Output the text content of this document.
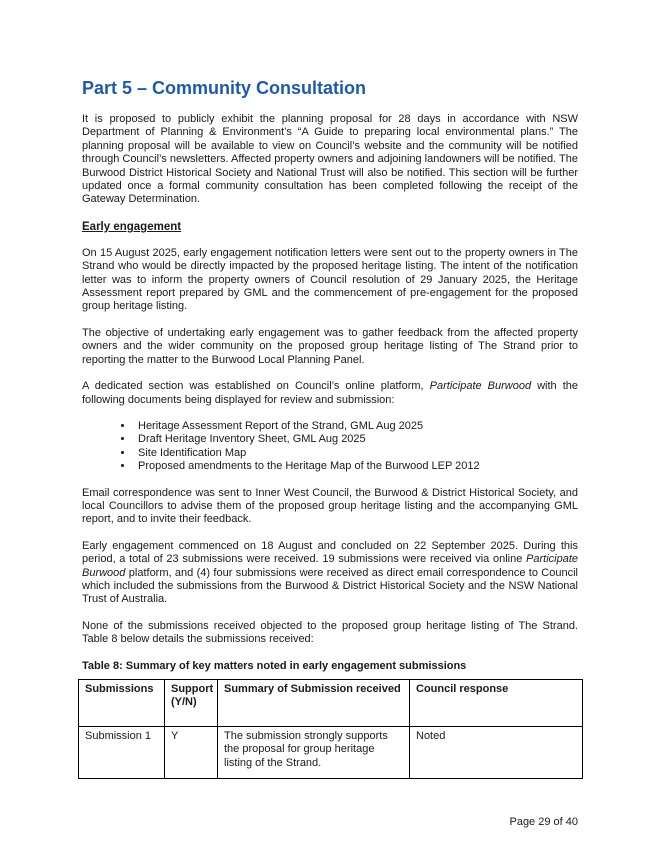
Part 5 – Community Consultation

It is proposed to publicly exhibit the planning proposal for 28 days in accordance with NSW Department of Planning & Environment’s “A Guide to preparing local environmental plans.” The planning proposal will be available to view on Council’s website and the community will be notified through Council’s newsletters. Affected property owners and adjoining landowners will be notified. The Burwood District Historical Society and National Trust will also be notified. This section will be further updated once a formal community consultation has been completed following the receipt of the Gateway Determination.

Early engagement

On 15 August 2025, early engagement notification letters were sent out to the property owners in The Strand who would be directly impacted by the proposed heritage listing. The intent of the notification letter was to inform the property owners of Council resolution of 29 January 2025, the Heritage Assessment report prepared by GML and the commencement of pre-engagement for the proposed group heritage listing.

The objective of undertaking early engagement was to gather feedback from the affected property owners and the wider community on the proposed group heritage listing of The Strand prior to reporting the matter to the Burwood Local Planning Panel.

A dedicated section was established on Council’s online platform, Participate Burwood with the following documents being displayed for review and submission:

• Heritage Assessment Report of the Strand, GML Aug 2025
• Draft Heritage Inventory Sheet, GML Aug 2025
• Site Identification Map
• Proposed amendments to the Heritage Map of the Burwood LEP 2012

Email correspondence was sent to Inner West Council, the Burwood & District Historical Society, and local Councillors to advise them of the proposed group heritage listing and the accompanying GML report, and to invite their feedback.

Early engagement commenced on 18 August and concluded on 22 September 2025. During this period, a total of 23 submissions were received. 19 submissions were received via online Participate Burwood platform, and (4) four submissions were received as direct email correspondence to Council which included the submissions from the Burwood & District Historical Society and the NSW National Trust of Australia.

None of the submissions received objected to the proposed group heritage listing of The Strand. Table 8 below details the submissions received:

Table 8: Summary of key matters noted in early engagement submissions

Submissions	Support (Y/N)	Summary of Submission received	Council response
Submission 1	Y	The submission strongly supports the proposal for group heritage listing of the Strand.	Noted
Page 29 of 40
